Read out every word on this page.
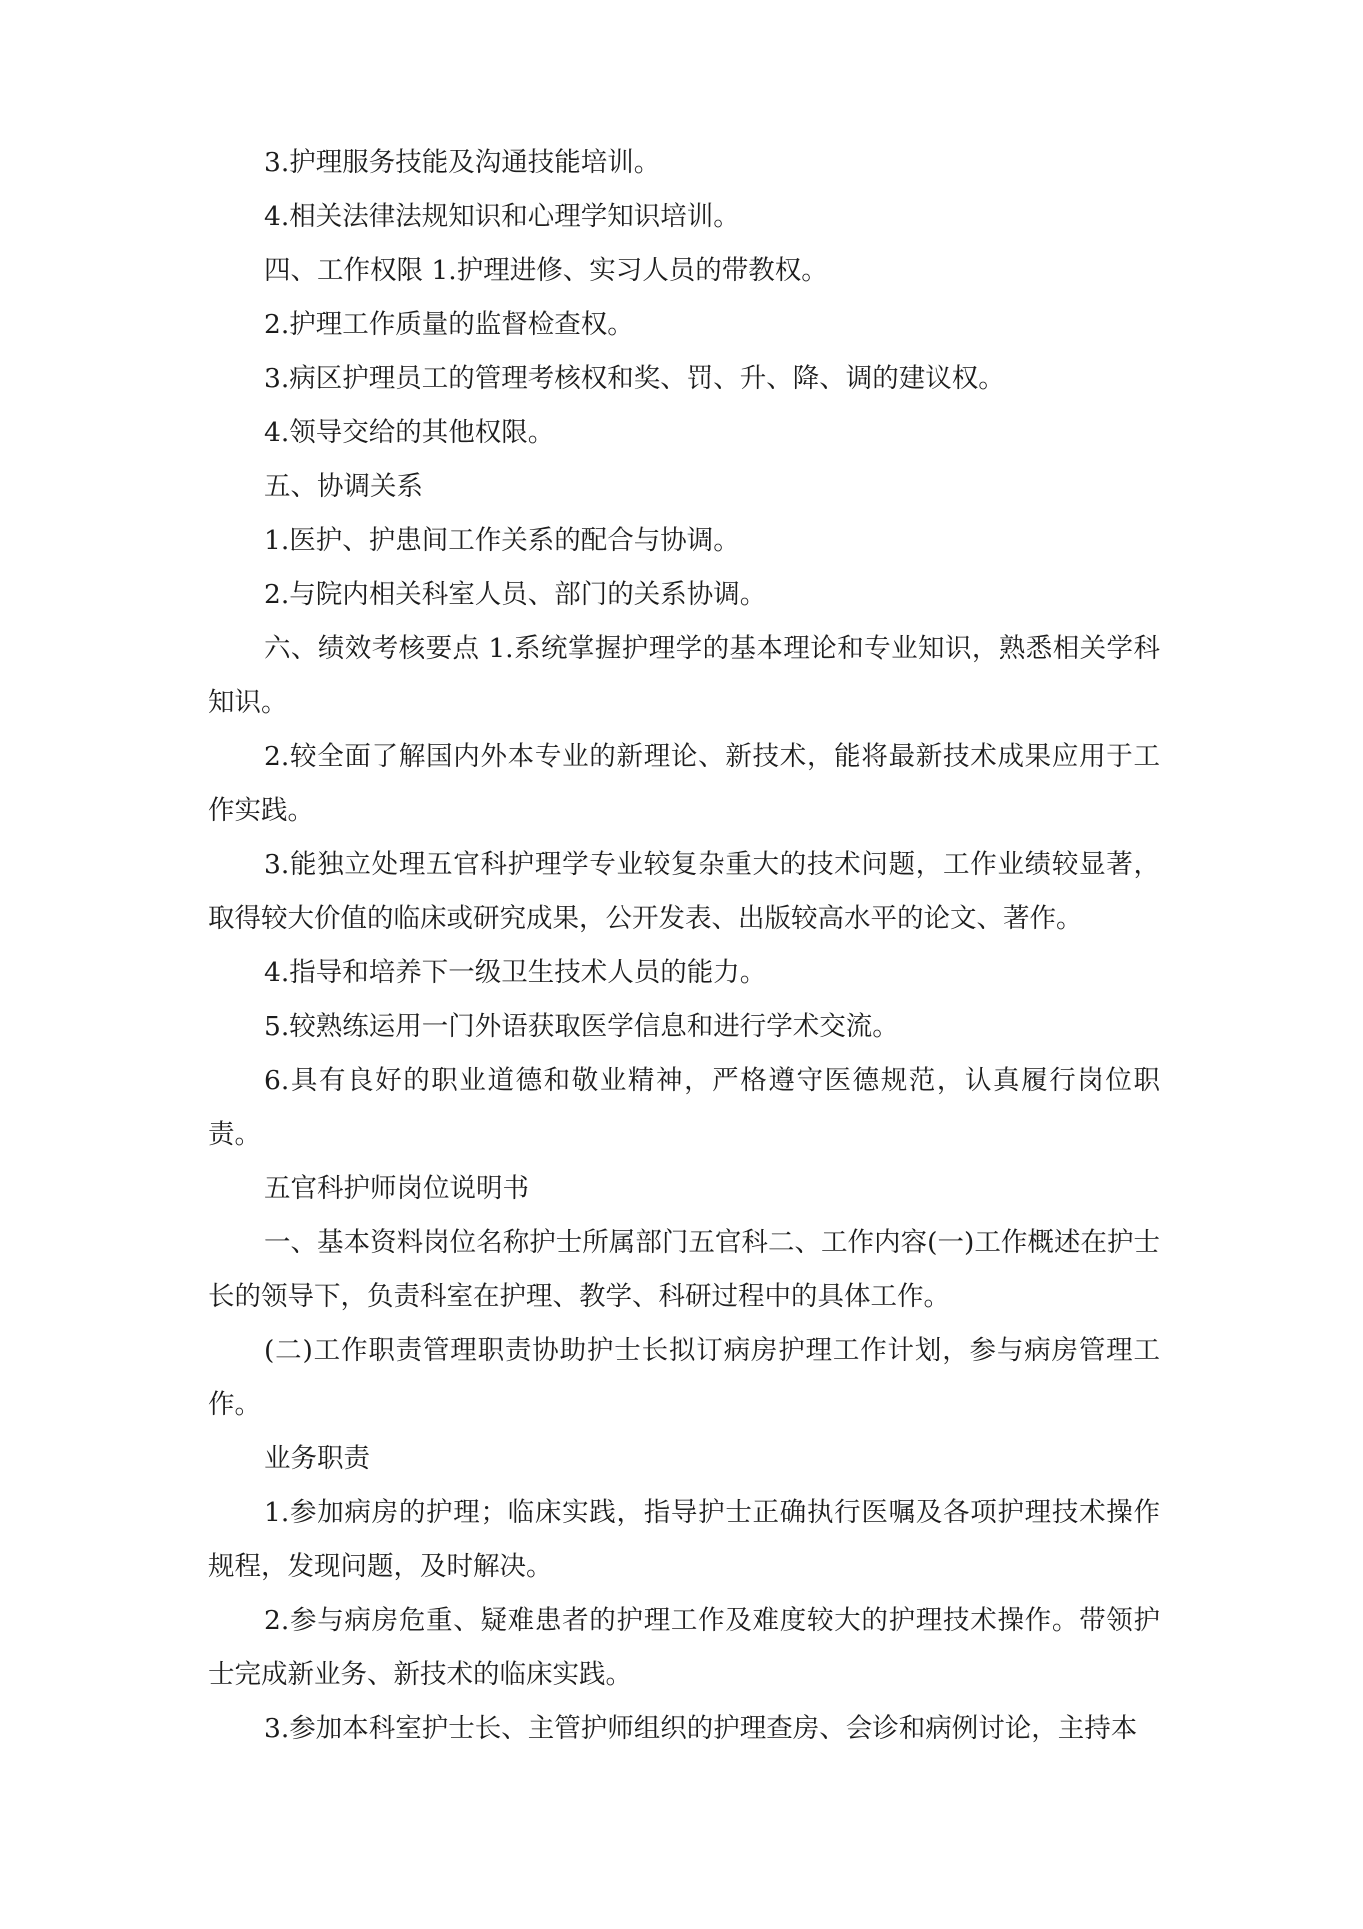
3.护理服务技能及沟通技能培训。

4.相关法律法规知识和心理学知识培训。

四、工作权限 1.护理进修、实习人员的带教权。

2.护理工作质量的监督检查权。

3.病区护理员工的管理考核权和奖、罚、升、降、调的建议权。

4.领导交给的其他权限。

五、协调关系

1.医护、护患间工作关系的配合与协调。

2.与院内相关科室人员、部门的关系协调。

六、绩效考核要点 1.系统掌握护理学的基本理论和专业知识，熟悉相关学科知识。

2.较全面了解国内外本专业的新理论、新技术，能将最新技术成果应用于工作实践。

3.能独立处理五官科护理学专业较复杂重大的技术问题，工作业绩较显著，取得较大价值的临床或研究成果，公开发表、出版较高水平的论文、著作。

4.指导和培养下一级卫生技术人员的能力。

5.较熟练运用一门外语获取医学信息和进行学术交流。

6.具有良好的职业道德和敬业精神，严格遵守医德规范，认真履行岗位职责。

五官科护师岗位说明书

一、基本资料岗位名称护士所属部门五官科二、工作内容(一)工作概述在护士长的领导下，负责科室在护理、教学、科研过程中的具体工作。

(二)工作职责管理职责协助护士长拟订病房护理工作计划，参与病房管理工作。

业务职责

1.参加病房的护理；临床实践，指导护士正确执行医嘱及各项护理技术操作规程，发现问题，及时解决。

2.参与病房危重、疑难患者的护理工作及难度较大的护理技术操作。带领护士完成新业务、新技术的临床实践。

3.参加本科室护士长、主管护师组织的护理查房、会诊和病例讨论，主持本
